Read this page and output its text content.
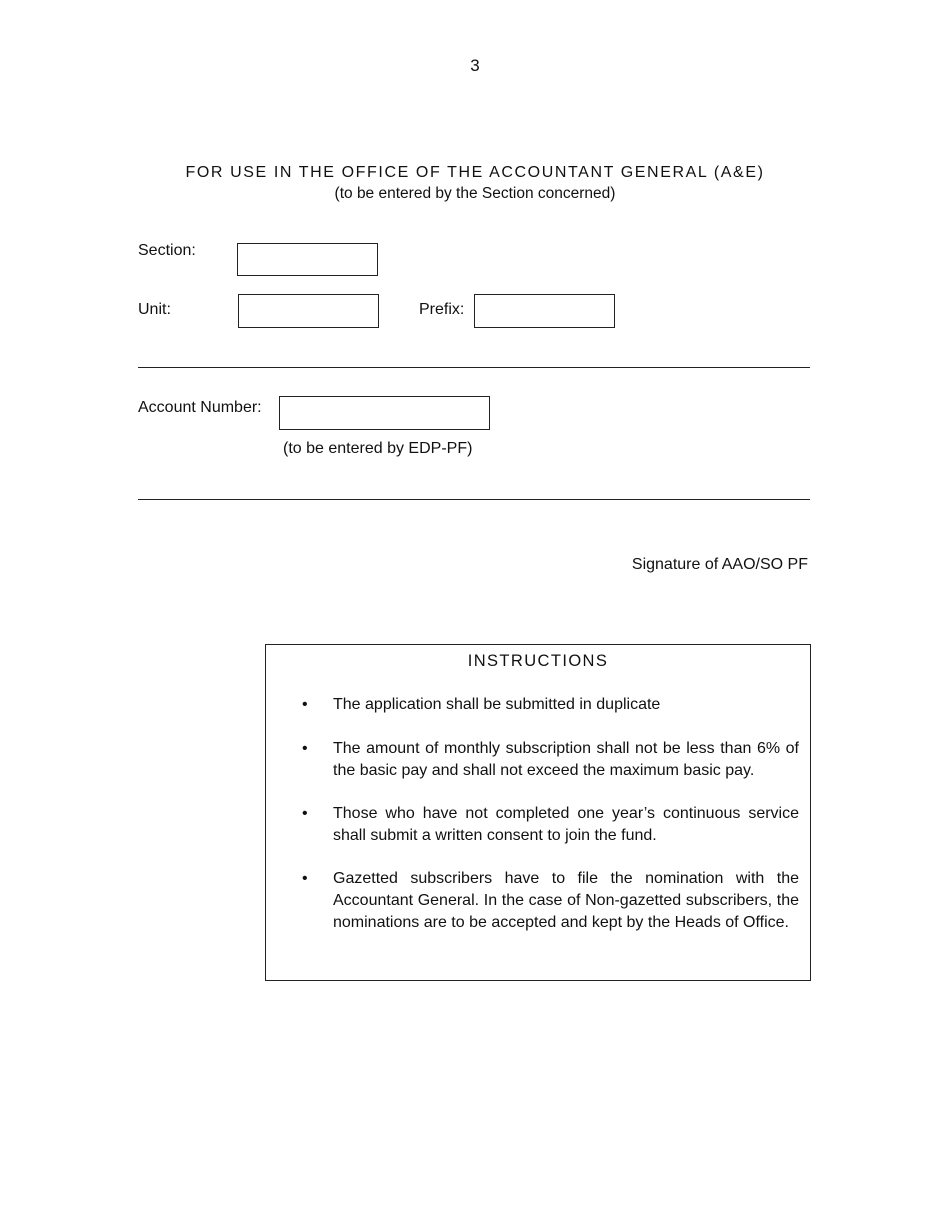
3
FOR USE IN THE OFFICE OF THE ACCOUNTANT GENERAL (A&E)
(to be entered by the Section concerned)
Section:
Unit:	Prefix:
Account Number:
(to be entered by EDP-PF)
Signature of AAO/SO PF
INSTRUCTIONS
• The application shall be submitted in duplicate
• The amount of monthly subscription shall not be less than 6% of the basic pay and shall not exceed the maximum basic pay.
• Those who have not completed one year’s continuous service shall submit a written consent to join the fund.
• Gazetted subscribers have to file the nomination with the Accountant General. In the case of Non-gazetted subscribers, the nominations are to be accepted and kept by the Heads of Office.
